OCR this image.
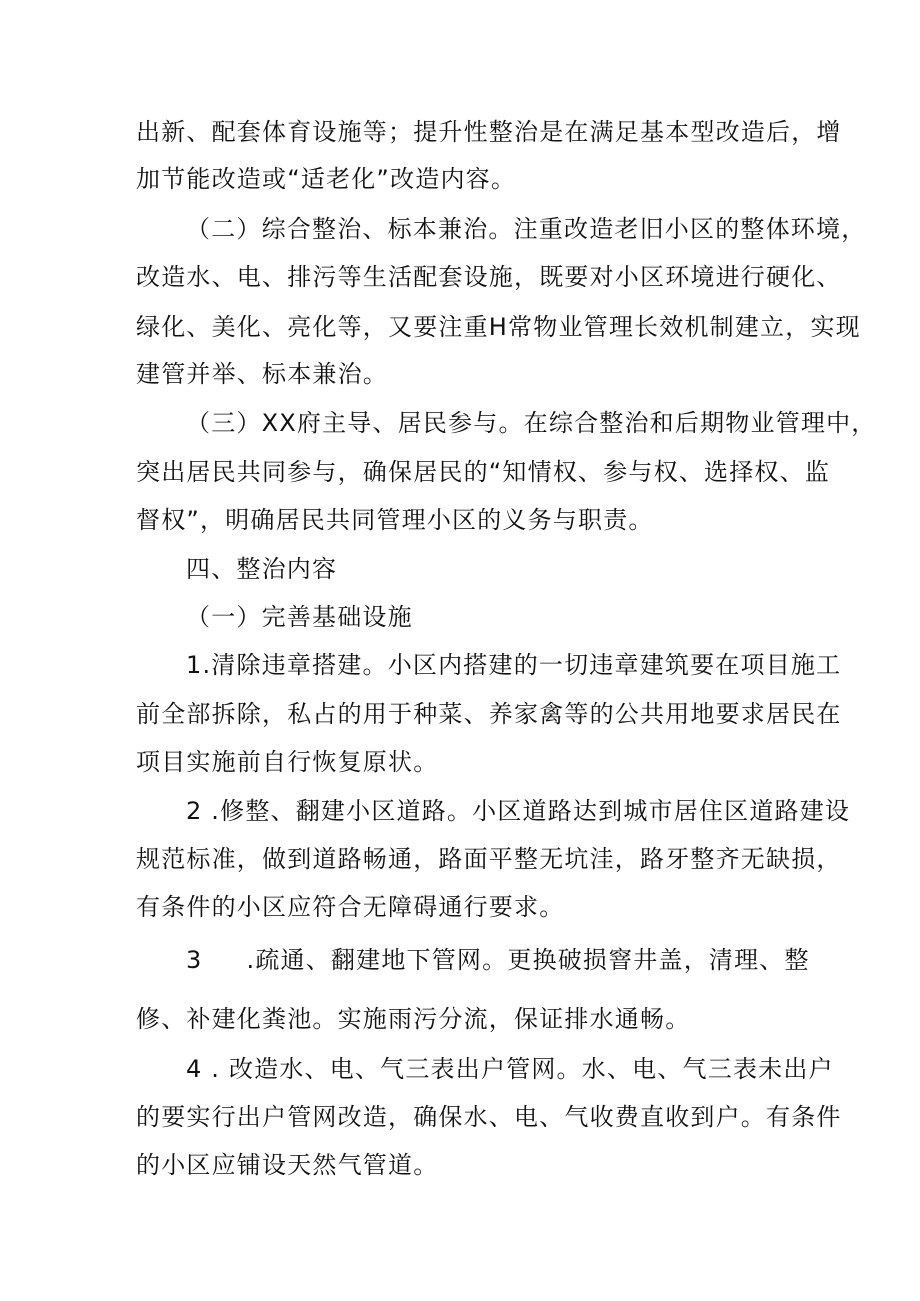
出新、配套体育设施等；提升性整治是在满足基本型改造后，增
加节能改造或“适老化”改造内容。
（二）综合整治、标本兼治。注重改造老旧小区的整体环境，
改造水、电、排污等生活配套设施，既要对小区环境进行硬化、
绿化、美化、亮化等，又要注重H常物业管理长效机制建立，实现
建管并举、标本兼治。
（三）XX府主导、居民参与。在综合整治和后期物业管理中，
突出居民共同参与，确保居民的“知情权、参与权、选择权、监
督权”，明确居民共同管理小区的义务与职责。
四、整治内容
（一）完善基础设施
1.清除违章搭建。小区内搭建的一切违章建筑要在项目施工
前全部拆除，私占的用于种菜、养家禽等的公共用地要求居民在
项目实施前自行恢复原状。
2 .修整、翻建小区道路。小区道路达到城市居住区道路建设
规范标准，做到道路畅通，路面平整无坑洼，路牙整齐无缺损，
有条件的小区应符合无障碍通行要求。
3 .疏通、翻建地下管网。更换破损窨井盖，清理、整
修、补建化粪池。实施雨污分流，保证排水通畅。
4 . 改造水、电、气三表出户管网。水、电、气三表未出户
的要实行出户管网改造，确保水、电、气收费直收到户。有条件
的小区应铺设天然气管道。
